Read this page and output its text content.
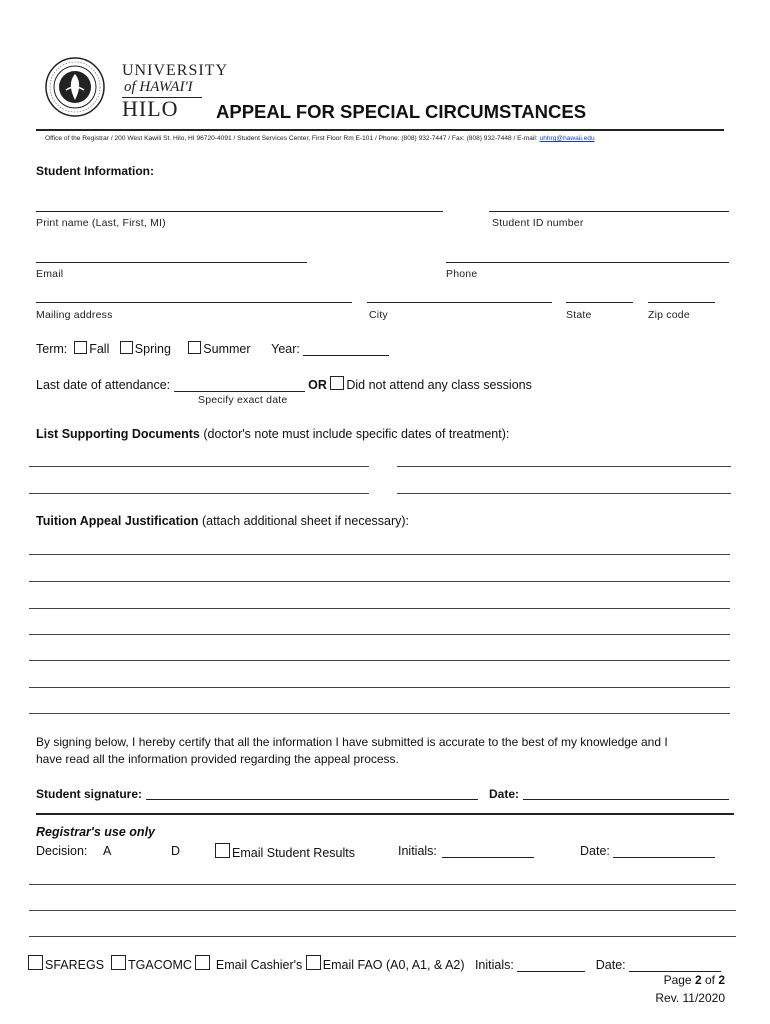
UNIVERSITY
of HAWAI'I
HILO APPEAL FOR SPECIAL CIRCUMSTANCES
Office of the Registrar / 200 West Kawili St. Hilo, HI 96720-4091 / Student Services Center, First Floor Rm E-101 / Phone: (808) 932-7447 / Fax: (808) 932-7448 / E-mail: uhhrg@hawaii.edu
Student Information:
Print name (Last, First, MI)	Student ID number
Email	Phone
Mailing address	City	State	Zip code
Term: Fall Spring	Summer Year:
Last date of attendance:	OR Did not attend any class sessions
Specify exact date
List Supporting Documents (doctor's note must include specific dates of treatment):
Tuition Appeal Justification (attach additional sheet if necessary):
By signing below, I hereby certify that all the information I have submitted is accurate to the best of my knowledge and I
have read all the information provided regarding the appeal process.
Student signature:	Date:
Registrar's use only
Decision: A	D	Email Student Results	Initials:	Date:
SFAREGS TGACOMC Email Cashier's Email FAO (A0, A1, & A2) Initials:	Date:
Page 2 of 2
Rev. 11/2020
